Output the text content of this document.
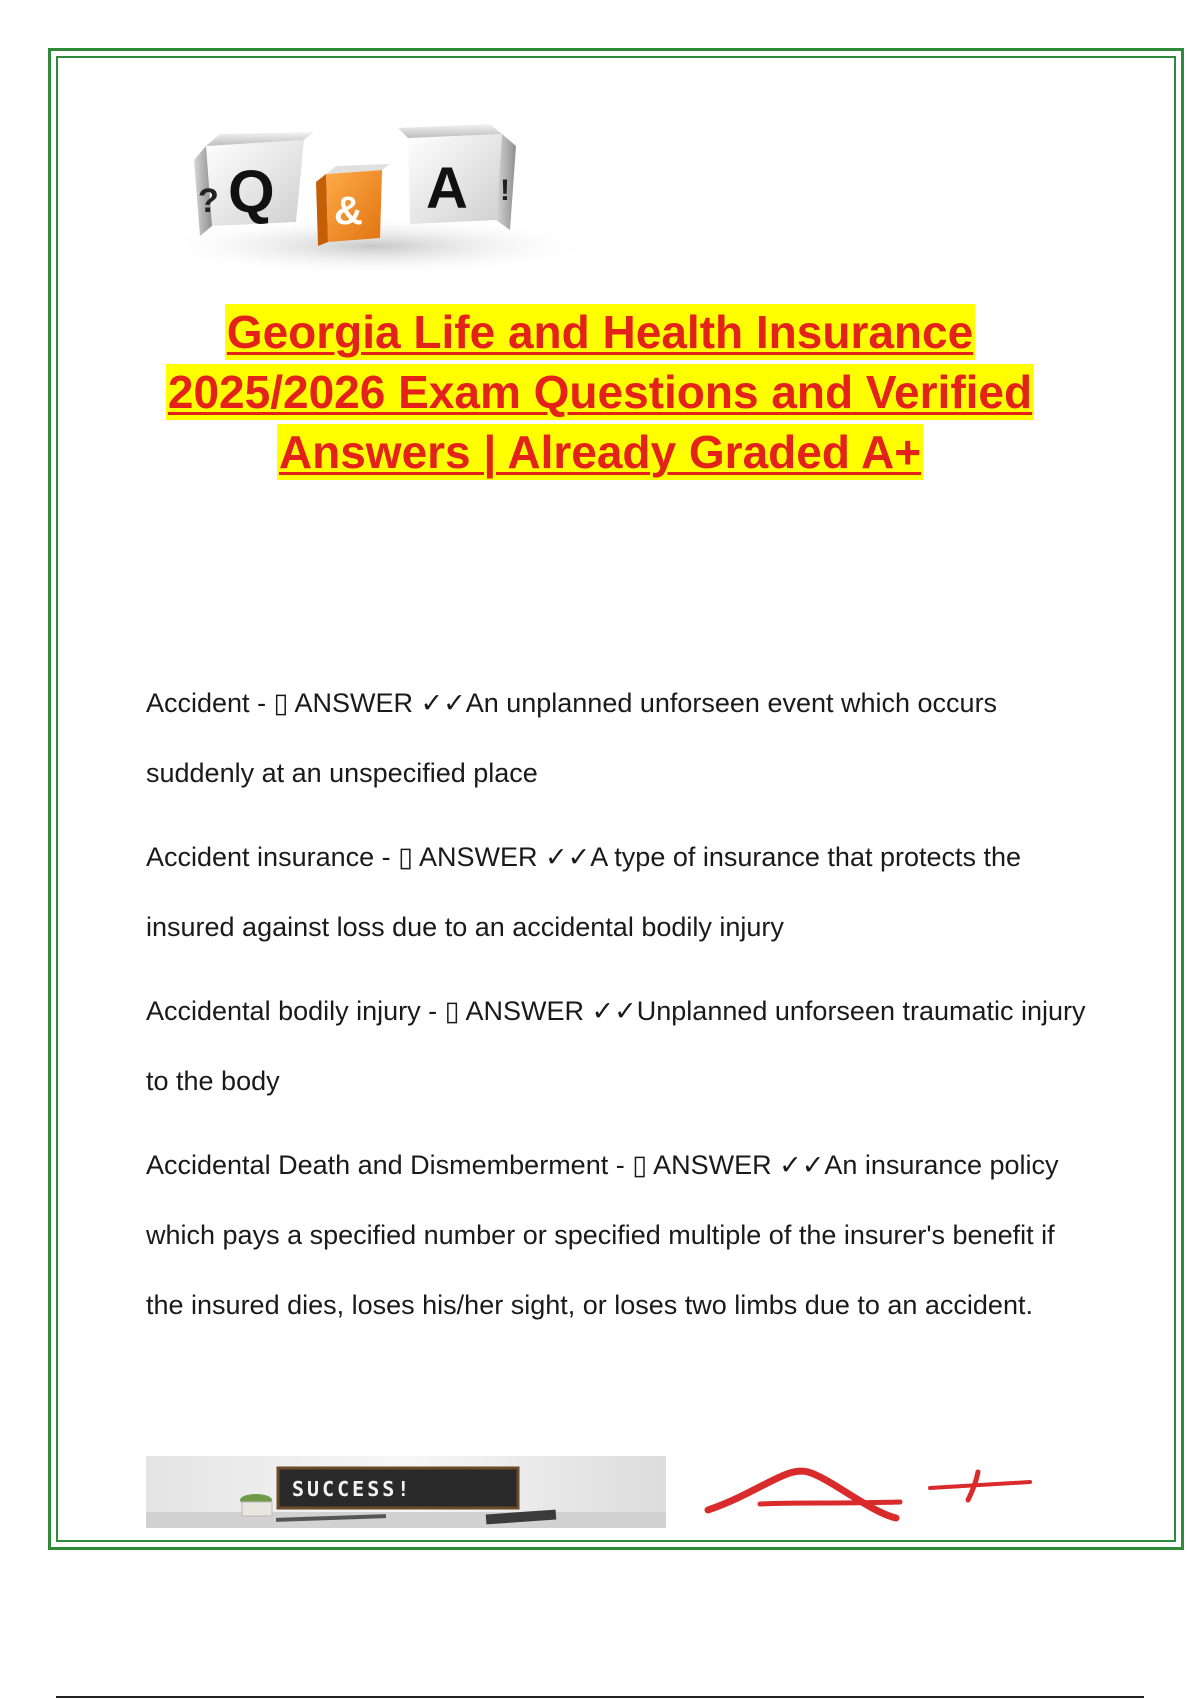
? Q & A !
Georgia Life and Health Insurance
2025/2026 Exam Questions and Verified
Answers | Already Graded A+

Accident - ▯ ANSWER ✓✓An unplanned unforseen event which occurs suddenly at an unspecified place

Accident insurance - ▯ ANSWER ✓✓A type of insurance that protects the insured against loss due to an accidental bodily injury

Accidental bodily injury - ▯ ANSWER ✓✓Unplanned unforseen traumatic injury to the body

Accidental Death and Dismemberment - ▯ ANSWER ✓✓An insurance policy which pays a specified number or specified multiple of the insurer's benefit if the insured dies, loses his/her sight, or loses two limbs due to an accident.

SUCCESS!
A+
